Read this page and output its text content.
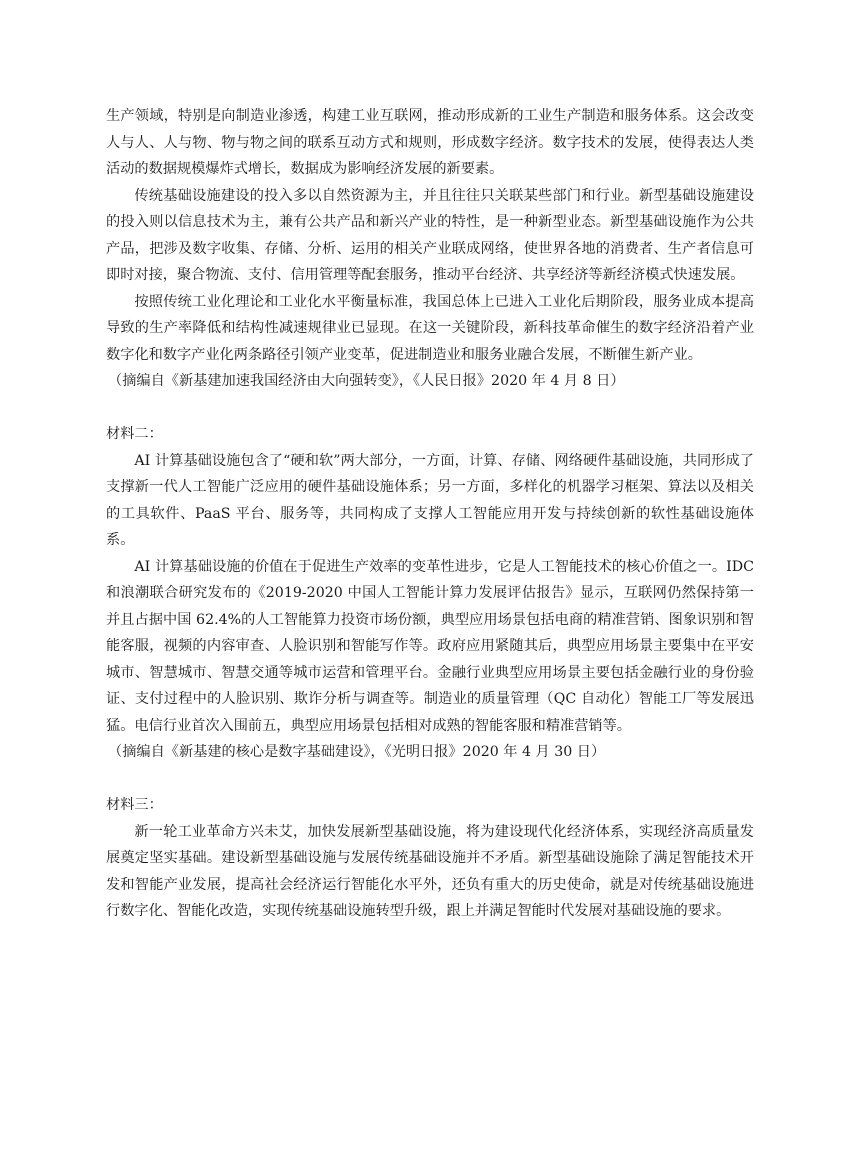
生产领域，特别是向制造业渗透，构建工业互联网，推动形成新的工业生产制造和服务体系。这会改变人与人、人与物、物与物之间的联系互动方式和规则，形成数字经济。数字技术的发展，使得表达人类活动的数据规模爆炸式增长，数据成为影响经济发展的新要素。

传统基础设施建设的投入多以自然资源为主，并且往往只关联某些部门和行业。新型基础设施建设的投入则以信息技术为主，兼有公共产品和新兴产业的特性，是一种新型业态。新型基础设施作为公共产品，把涉及数字收集、存储、分析、运用的相关产业联成网络，使世界各地的消费者、生产者信息可即时对接，聚合物流、支付、信用管理等配套服务，推动平台经济、共享经济等新经济模式快速发展。

按照传统工业化理论和工业化水平衡量标准，我国总体上已进入工业化后期阶段，服务业成本提高导致的生产率降低和结构性减速规律业已显现。在这一关键阶段，新科技革命催生的数字经济沿着产业数字化和数字产业化两条路径引领产业变革，促进制造业和服务业融合发展，不断催生新产业。

（摘编自《新基建加速我国经济由大向强转变》，《人民日报》2020 年 4 月 8 日）

材料二：

AI 计算基础设施包含了“硬和软”两大部分，一方面，计算、存储、网络硬件基础设施，共同形成了支撑新一代人工智能广泛应用的硬件基础设施体系；另一方面，多样化的机器学习框架、算法以及相关的工具软件、PaaS 平台、服务等，共同构成了支撑人工智能应用开发与持续创新的软性基础设施体系。

AI 计算基础设施的价值在于促进生产效率的变革性进步，它是人工智能技术的核心价值之一。IDC 和浪潮联合研究发布的《2019-2020 中国人工智能计算力发展评估报告》显示，互联网仍然保持第一并且占据中国 62.4%的人工智能算力投资市场份额，典型应用场景包括电商的精准营销、图象识别和智能客服，视频的内容审查、人脸识别和智能写作等。政府应用紧随其后，典型应用场景主要集中在平安城市、智慧城市、智慧交通等城市运营和管理平台。金融行业典型应用场景主要包括金融行业的身份验证、支付过程中的人脸识别、欺诈分析与调查等。制造业的质量管理（QC 自动化）智能工厂等发展迅猛。电信行业首次入围前五，典型应用场景包括相对成熟的智能客服和精准营销等。

（摘编自《新基建的核心是数字基础建设》，《光明日报》2020 年 4 月 30 日）

材料三：

新一轮工业革命方兴未艾，加快发展新型基础设施，将为建设现代化经济体系，实现经济高质量发展奠定坚实基础。建设新型基础设施与发展传统基础设施并不矛盾。新型基础设施除了满足智能技术开发和智能产业发展，提高社会经济运行智能化水平外，还负有重大的历史使命，就是对传统基础设施进行数字化、智能化改造，实现传统基础设施转型升级，跟上并满足智能时代发展对基础设施的要求。
